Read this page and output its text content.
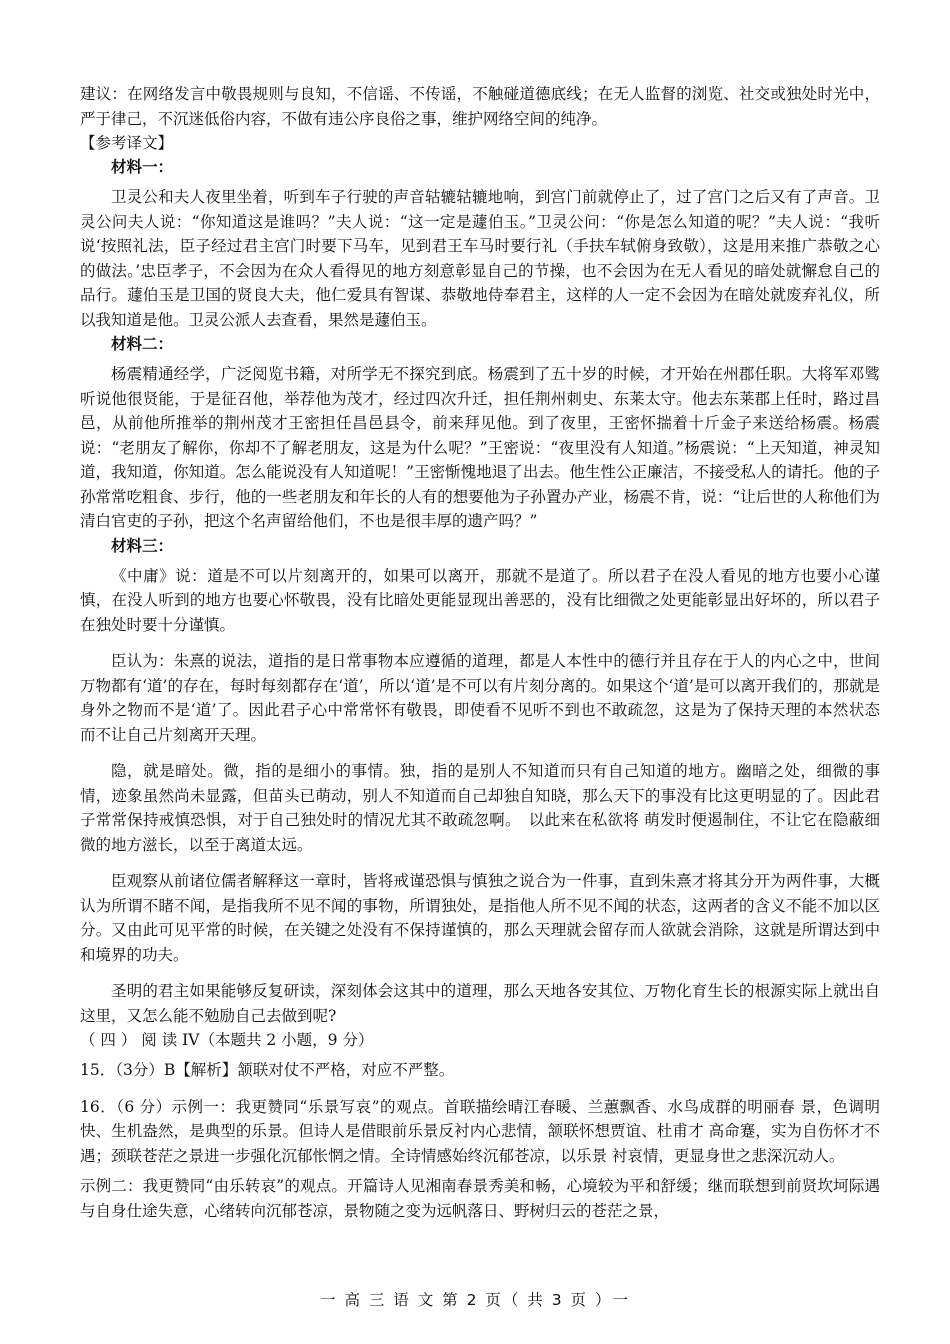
建议：在网络发言中敬畏规则与良知，不信谣、不传谣，不触碰道德底线；在无人监督的浏览、社交或独处时光中，严于律己，不沉迷低俗内容，不做有违公序良俗之事，维护网络空间的纯净。

【参考译文】

材料一：

卫灵公和夫人夜里坐着，听到车子行驶的声音轱辘轱辘地响，到宫门前就停止了，过了宫门之后又有了声音。卫灵公问夫人说：“你知道这是谁吗？”夫人说：“这一定是蘧伯玉。”卫灵公问：“你是怎么知道的呢？”夫人说：“我听说‘按照礼法，臣子经过君主宫门时要下马车，见到君王车马时要行礼（手扶车轼俯身致敬），这是用来推广恭敬之心的做法。’忠臣孝子，不会因为在众人看得见的地方刻意彰显自己的节操，也不会因为在无人看见的暗处就懈怠自己的品行。蘧伯玉是卫国的贤良大夫，他仁爱具有智谋、恭敬地侍奉君主，这样的人一定不会因为在暗处就废弃礼仪，所以我知道是他。卫灵公派人去查看，果然是蘧伯玉。

材料二：

杨震精通经学，广泛阅览书籍，对所学无不探究到底。杨震到了五十岁的时候，才开始在州郡任职。大将军邓骘听说他很贤能，于是征召他，举荐他为茂才，经过四次升迁，担任荆州刺史、东莱太守。他去东莱郡上任时，路过昌邑，从前他所推举的荆州茂才王密担任昌邑县令，前来拜见他。到了夜里，王密怀揣着十斤金子来送给杨震。杨震说：“老朋友了解你，你却不了解老朋友，这是为什么呢？”王密说：“夜里没有人知道。”杨震说：“上天知道，神灵知道，我知道，你知道。怎么能说没有人知道呢！”王密惭愧地退了出去。他生性公正廉洁，不接受私人的请托。他的子孙常常吃粗食、步行，他的一些老朋友和年长的人有的想要他为子孙置办产业，杨震不肯，说：“让后世的人称他们为清白官吏的子孙，把这个名声留给他们，不也是很丰厚的遗产吗？”

材料三：

《中庸》说：道是不可以片刻离开的，如果可以离开，那就不是道了。所以君子在没人看见的地方也要小心谨慎，在没人听到的地方也要心怀敬畏，没有比暗处更能显现出善恶的，没有比细微之处更能彰显出好坏的，所以君子在独处时要十分谨慎。

臣认为：朱熹的说法，道指的是日常事物本应遵循的道理，都是人本性中的德行并且存在于人的内心之中，世间万物都有‘道’的存在，每时每刻都存在‘道’，所以‘道’是不可以有片刻分离的。如果这个‘道’是可以离开我们的，那就是身外之物而不是‘道’了。因此君子心中常常怀有敬畏，即使看不见听不到也不敢疏忽，这是为了保持天理的本然状态而不让自己片刻离开天理。

隐，就是暗处。微，指的是细小的事情。独，指的是别人不知道而只有自己知道的地方。幽暗之处，细微的事情，迹象虽然尚未显露，但苗头已萌动，别人不知道而自己却独自知晓，那么天下的事没有比这更明显的了。因此君子常常保持戒慎恐惧，对于自己独处时的情况尤其不敢疏忽啊。　以此来在私欲将 萌发时便遏制住，不让它在隐蔽细微的地方滋长，以至于离道太远。

臣观察从前诸位儒者解释这一章时，皆将戒谨恐惧与慎独之说合为一件事，直到朱熹才将其分开为两件事，大概认为所谓不睹不闻，是指我所不见不闻的事物，所谓独处，是指他人所不见不闻的状态，这两者的含义不能不加以区分。又由此可见平常的时候，在关键之处没有不保持谨慎的，那么天理就会留存而人欲就会消除，这就是所谓达到中和境界的功夫。

圣明的君主如果能够反复研读，深刻体会这其中的道理，那么天地各安其位、万物化育生长的根源实际上就出自这里，又怎么能不勉励自己去做到呢?

（ 四 ） 阅 读 IV（本题共 2 小题，9 分）

15．（3分）B【解析】颔联对仗不严格，对应不严整。

16．（6 分）示例一：我更赞同“乐景写哀”的观点。首联描绘晴江春暖、兰蕙飘香、水鸟成群的明丽春 景，色调明快、生机盎然，是典型的乐景。但诗人是借眼前乐景反衬内心悲情，颔联怀想贾谊、杜甫才 高命蹇，实为自伤怀才不遇；颈联苍茫之景进一步强化沉郁怅惘之情。全诗情感始终沉郁苍凉，以乐景 衬哀情，更显身世之悲深沉动人。

示例二：我更赞同“由乐转哀”的观点。开篇诗人见湘南春景秀美和畅，心境较为平和舒缓；继而联想到前贤坎坷际遇与自身仕途失意，心绪转向沉郁苍凉，景物随之变为远帆落日、野树归云的苍茫之景，

一 高 三 语 文 第 2 页（ 共 3 页 ）一
